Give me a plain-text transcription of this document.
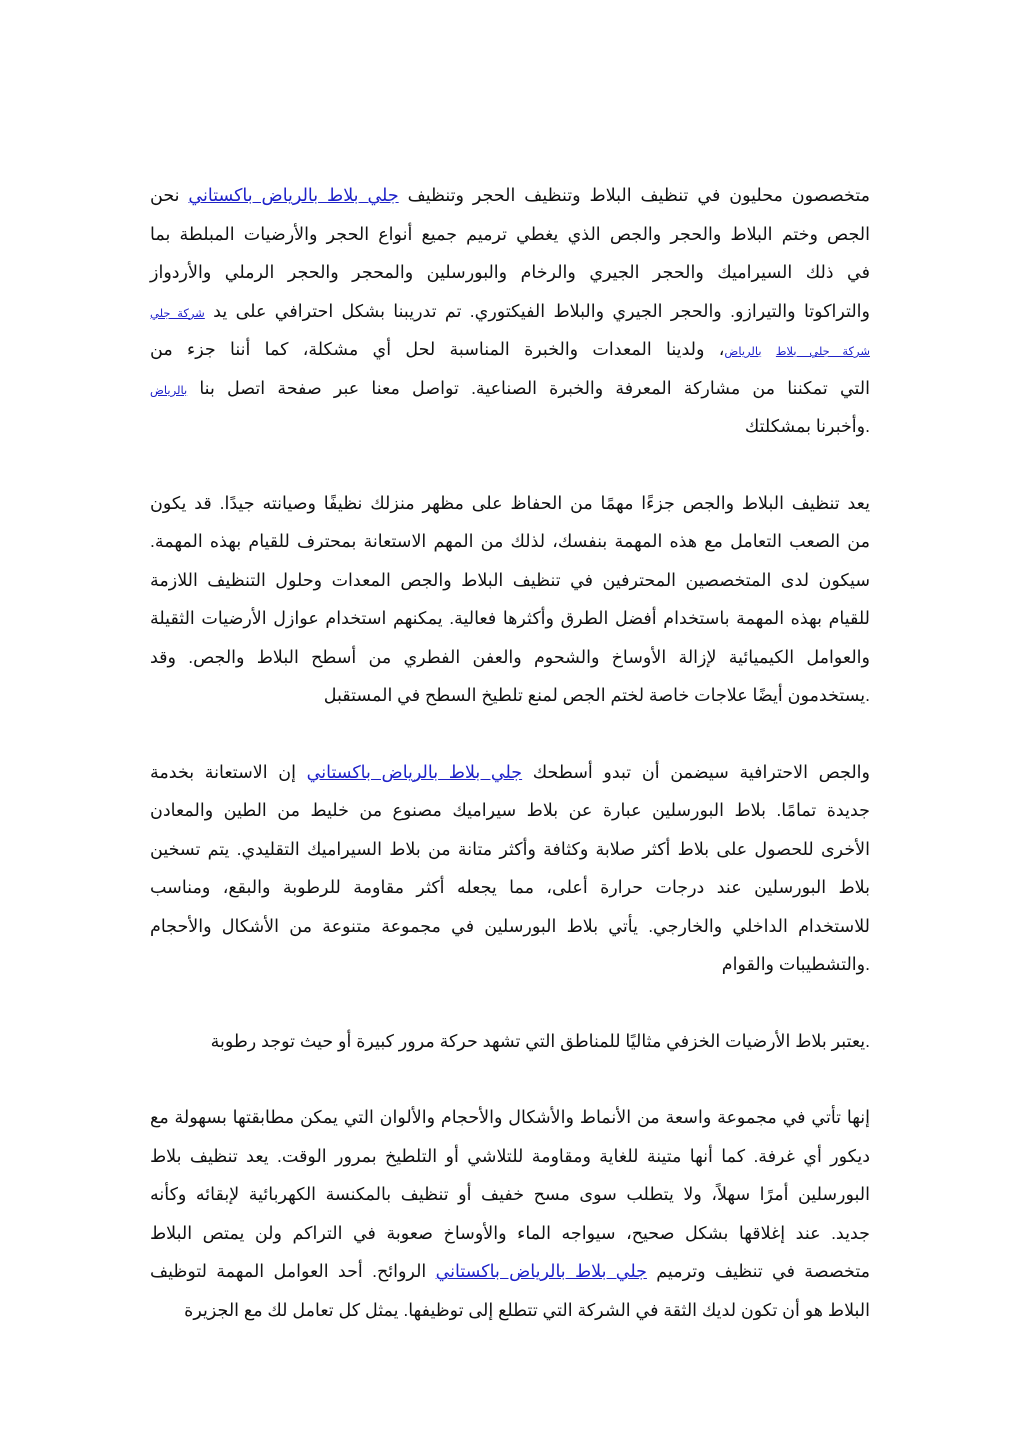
متخصصون محليون في تنظيف البلاط وتنظيف الحجر وتنظيف جلي بلاط بالرياض باكستاني نحن
الجص وختم البلاط والحجر والجص الذي يغطي ترميم جميع أنواع الحجر والأرضيات المبلطة بما
في ذلك السيراميك والحجر الجيري والرخام والبورسلين والمحجر والحجر الرملي والأردواز
والتراكوتا والتيرازو. والحجر الجيري والبلاط الفيكتوري. تم تدريبنا بشكل احترافي على يد شركة جلي
شركة جلي بلاط بالرياض، ولدينا المعدات والخبرة المناسبة لحل أي مشكلة، كما أننا جزء من
التي تمكننا من مشاركة المعرفة والخبرة الصناعية. تواصل معنا عبر صفحة اتصل بنا بالرياض
.وأخبرنا بمشكلتك
يعد تنظيف البلاط والجص جزءًا مهمًا من الحفاظ على مظهر منزلك نظيفًا وصيانته جيدًا. قد يكون
من الصعب التعامل مع هذه المهمة بنفسك، لذلك من المهم الاستعانة بمحترف للقيام بهذه المهمة.
سيكون لدى المتخصصين المحترفين في تنظيف البلاط والجص المعدات وحلول التنظيف اللازمة
للقيام بهذه المهمة باستخدام أفضل الطرق وأكثرها فعالية. يمكنهم استخدام عوازل الأرضيات الثقيلة
والعوامل الكيميائية لإزالة الأوساخ والشحوم والعفن الفطري من أسطح البلاط والجص. وقد
.يستخدمون أيضًا علاجات خاصة لختم الجص لمنع تلطيخ السطح في المستقبل
والجص الاحترافية سيضمن أن تبدو أسطحك جلي بلاط بالرياض باكستاني إن الاستعانة بخدمة
جديدة تمامًا. بلاط البورسلين عبارة عن بلاط سيراميك مصنوع من خليط من الطين والمعادن
الأخرى للحصول على بلاط أكثر صلابة وكثافة وأكثر متانة من بلاط السيراميك التقليدي. يتم تسخين
بلاط البورسلين عند درجات حرارة أعلى، مما يجعله أكثر مقاومة للرطوبة والبقع، ومناسب
للاستخدام الداخلي والخارجي. يأتي بلاط البورسلين في مجموعة متنوعة من الأشكال والأحجام
.والتشطيبات والقوام
.يعتبر بلاط الأرضيات الخزفي مثاليًا للمناطق التي تشهد حركة مرور كبيرة أو حيث توجد رطوبة
إنها تأتي في مجموعة واسعة من الأنماط والأشكال والأحجام والألوان التي يمكن مطابقتها بسهولة مع
ديكور أي غرفة. كما أنها متينة للغاية ومقاومة للتلاشي أو التلطيخ بمرور الوقت. يعد تنظيف بلاط
البورسلين أمرًا سهلاً، ولا يتطلب سوى مسح خفيف أو تنظيف بالمكنسة الكهربائية لإبقائه وكأنه
جديد. عند إغلاقها بشكل صحيح، سيواجه الماء والأوساخ صعوبة في التراكم ولن يمتص البلاط
متخصصة في تنظيف وترميم جلي بلاط بالرياض باكستاني الروائح. أحد العوامل المهمة لتوظيف
البلاط هو أن تكون لديك الثقة في الشركة التي تتطلع إلى توظيفها. يمثل كل تعامل لك مع الجزيرة
